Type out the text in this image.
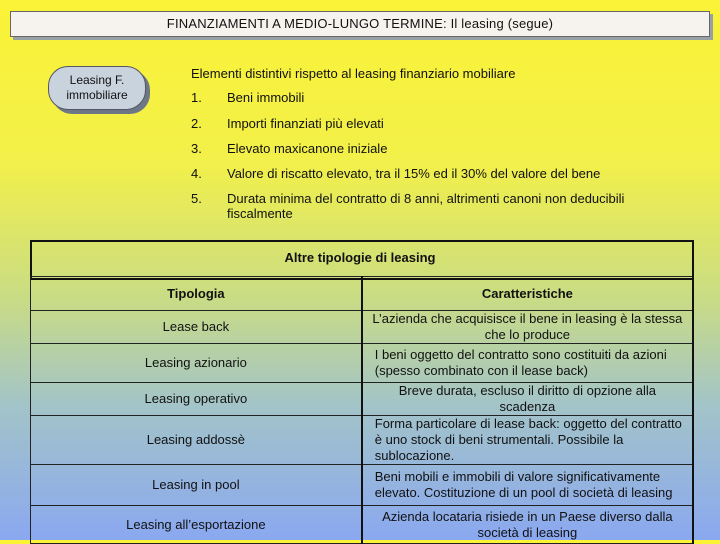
FINANZIAMENTI A MEDIO-LUNGO TERMINE: Il leasing (segue)
Leasing F.
immobiliare
Elementi distintivi rispetto al leasing finanziario mobiliare
1.	Beni immobili
2.	Importi finanziati più elevati
3.	Elevato maxicanone iniziale
4.	Valore di riscatto elevato, tra il 15% ed il 30% del valore del bene
5.	Durata minima del contratto di 8 anni, altrimenti canoni non deducibili fiscalmente
Altre tipologie di leasing
Tipologia	Caratteristiche
Lease back	L’azienda che acquisisce il bene in leasing è la stessa che lo produce
Leasing azionario	I beni oggetto del contratto sono costituiti da azioni (spesso combinato con il lease back)
Leasing operativo	Breve durata, escluso il diritto di opzione alla scadenza
Leasing addossè	Forma particolare di lease back: oggetto del contratto è uno stock di beni strumentali. Possibile la sublocazione.
Leasing in pool	Beni mobili e immobili di valore significativamente elevato. Costituzione di un pool di società di leasing
Leasing all’esportazione	Azienda locataria risiede in un Paese diverso dalla società di leasing
